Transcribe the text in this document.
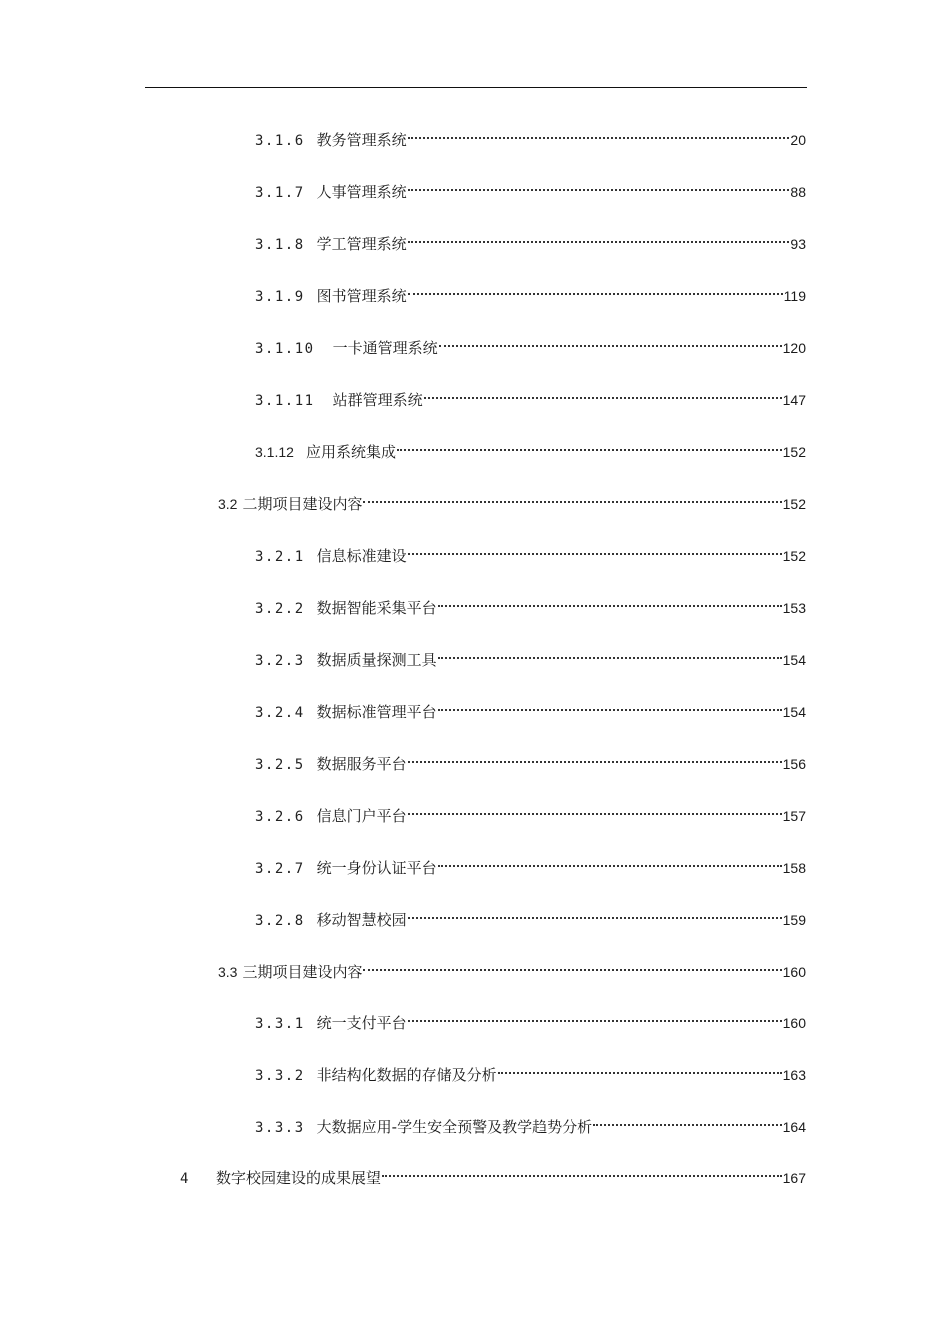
3.1.6 教务管理系统	20
3.1.7 人事管理系统	88
3.1.8 学工管理系统	93
3.1.9 图书管理系统	119
3.1.10 一卡通管理系统	120
3.1.11 站群管理系统	147
3.1.12 应用系统集成	152
3.2 二期项目建设内容	152
3.2.1 信息标准建设	152
3.2.2 数据智能采集平台	153
3.2.3 数据质量探测工具	154
3.2.4 数据标准管理平台	154
3.2.5 数据服务平台	156
3.2.6 信息门户平台	157
3.2.7 统一身份认证平台	158
3.2.8 移动智慧校园	159
3.3 三期项目建设内容	160
3.3.1 统一支付平台	160
3.3.2 非结构化数据的存储及分析	163
3.3.3 大数据应用-学生安全预警及教学趋势分析	164
4 数字校园建设的成果展望	167
